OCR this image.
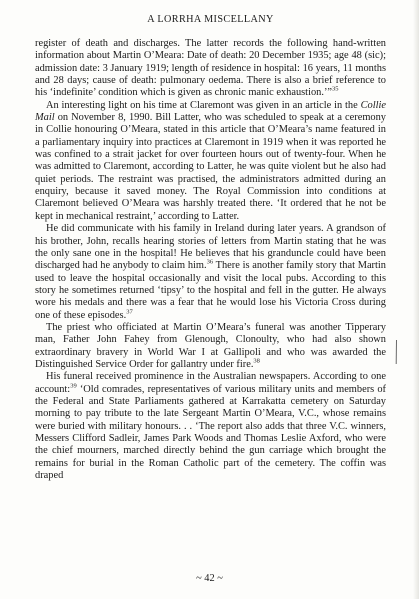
A LORRHA MISCELLANY

register of death and discharges. The latter records the following hand-written information about Martin O’Meara: Date of death: 20 December 1935; age 48 (sic); admission date: 3 January 1919; length of residence in hospital: 16 years, 11 months and 28 days; cause of death: pulmonary oedema. There is also a brief reference to his ‘indefinite’ condition which is given as chronic manic exhaustion.’”$^{35}$

An interesting light on his time at Claremont was given in an article in the Collie Mail on November 8, 1990. Bill Latter, who was scheduled to speak at a ceremony in Collie honouring O’Meara, stated in this article that O’Meara’s name featured in a parliamentary inquiry into practices at Claremont in 1919 when it was reported he was confined to a strait jacket for over fourteen hours out of twenty-four. When he was admitted to Claremont, according to Latter, he was quite violent but he also had quiet periods. The restraint was practised, the administrators admitted during an enquiry, because it saved money. The Royal Commission into conditions at Claremont believed O’Meara was harshly treated there. ‘It ordered that he not be kept in mechanical restraint,’ according to Latter.

He did communicate with his family in Ireland during later years. A grandson of his brother, John, recalls hearing stories of letters from Martin stating that he was the only sane one in the hospital! He believes that his granduncle could have been discharged had he anybody to claim him.$^{36}$ There is another family story that Martin used to leave the hospital occasionally and visit the local pubs. According to this story he sometimes returned ‘tipsy’ to the hospital and fell in the gutter. He always wore his medals and there was a fear that he would lose his Victoria Cross during one of these episodes.$^{37}$

The priest who officiated at Martin O’Meara’s funeral was another Tipperary man, Father John Fahey from Glenough, Clonoulty, who had also shown extraordinary bravery in World War I at Gallipoli and who was awarded the Distinguished Service Order for gallantry under fire.$^{38}$

His funeral received prominence in the Australian newspapers. According to one account:$^{39}$ ‘Old comrades, representatives of various military units and members of the Federal and State Parliaments gathered at Karrakatta cemetery on Saturday morning to pay tribute to the late Sergeant Martin O’Meara, V.C., whose remains were buried with military honours. . . ‘The report also adds that three V.C. winners, Messers Clifford Sadleir, James Park Woods and Thomas Leslie Axford, who were the chief mourners, marched directly behind the gun carriage which brought the remains for burial in the Roman Catholic part of the cemetery. The coffin was draped

~ 42 ~
